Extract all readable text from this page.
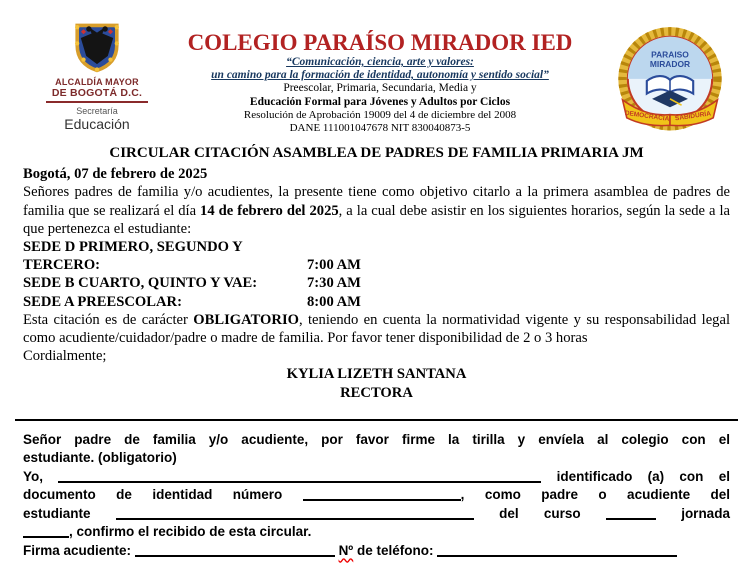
ALCALDÍA MAYOR
DE BOGOTÁ D.C.
Secretaría
Educación
COLEGIO PARAÍSO MIRADOR IED
“Comunicación, ciencia, arte y valores:
un camino para la formación de identidad, autonomía y sentido social”
Preescolar, Primaria, Secundaria, Media y
Educación Formal para Jóvenes y Adultos por Ciclos
Resolución de Aprobación 19009 del 4 de diciembre del 2008
DANE 111001047678 NIT 830040873-5
PARAISO
MIRADOR
DEMOCRACIA SABIDURÍA
CIRCULAR CITACIÓN ASAMBLEA DE PADRES DE FAMILIA PRIMARIA JM
Bogotá, 07 de febrero de 2025
Señores padres de familia y/o acudientes, la presente tiene como objetivo citarlo a la primera asamblea de padres de familia que se realizará el día 14 de febrero del 2025, a la cual debe asistir en los siguientes horarios, según la sede a la que pertenezca el estudiante:
SEDE D PRIMERO, SEGUNDO Y TERCERO:	7:00 AM
SEDE B CUARTO, QUINTO Y VAE:	7:30 AM
SEDE A PREESCOLAR:	8:00 AM
Esta citación es de carácter OBLIGATORIO, teniendo en cuenta la normatividad vigente y su responsabilidad legal como acudiente/cuidador/padre o madre de familia. Por favor tener disponibilidad de 2 o 3 horas
Cordialmente;
KYLIA LIZETH SANTANA
RECTORA
Señor padre de familia y/o acudiente, por favor firme la tirilla y envíela al colegio con el
estudiante. (obligatorio)
Yo,	identificado (a) con el
documento de identidad número	, como padre o acudiente del
estudiante	del curso	jornada
, confirmo el recibido de esta circular.
Firma acudiente:	Nº de teléfono:
